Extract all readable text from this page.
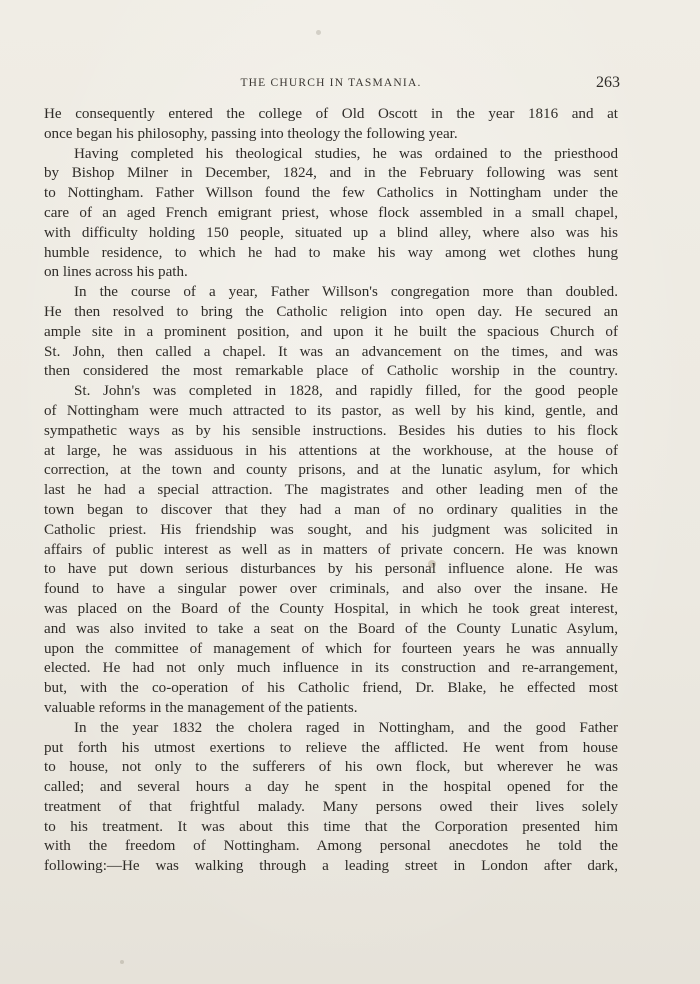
THE CHURCH IN TASMANIA.	263
He consequently entered the college of Old Oscott in the year 1816 and at
once began his philosophy, passing into theology the following year.
Having completed his theological studies, he was ordained to the priesthood
by Bishop Milner in December, 1824, and in the February following was sent
to Nottingham. Father Willson found the few Catholics in Nottingham under the
care of an aged French emigrant priest, whose flock assembled in a small chapel,
with difficulty holding 150 people, situated up a blind alley, where also was his
humble residence, to which he had to make his way among wet clothes hung
on lines across his path.
In the course of a year, Father Willson's congregation more than doubled.
He then resolved to bring the Catholic religion into open day. He secured an
ample site in a prominent position, and upon it he built the spacious Church of
St. John, then called a chapel. It was an advancement on the times, and was
then considered the most remarkable place of Catholic worship in the country.
St. John's was completed in 1828, and rapidly filled, for the good people
of Nottingham were much attracted to its pastor, as well by his kind, gentle, and
sympathetic ways as by his sensible instructions. Besides his duties to his flock
at large, he was assiduous in his attentions at the workhouse, at the house of
correction, at the town and county prisons, and at the lunatic asylum, for which
last he had a special attraction. The magistrates and other leading men of the
town began to discover that they had a man of no ordinary qualities in the
Catholic priest. His friendship was sought, and his judgment was solicited in
affairs of public interest as well as in matters of private concern. He was known
to have put down serious disturbances by his personal influence alone. He was
found to have a singular power over criminals, and also over the insane. He
was placed on the Board of the County Hospital, in which he took great interest,
and was also invited to take a seat on the Board of the County Lunatic Asylum,
upon the committee of management of which for fourteen years he was annually
elected. He had not only much influence in its construction and re-arrangement,
but, with the co-operation of his Catholic friend, Dr. Blake, he effected most
valuable reforms in the management of the patients.
In the year 1832 the cholera raged in Nottingham, and the good Father
put forth his utmost exertions to relieve the afflicted. He went from house
to house, not only to the sufferers of his own flock, but wherever he was
called; and several hours a day he spent in the hospital opened for the
treatment of that frightful malady. Many persons owed their lives solely
to his treatment. It was about this time that the Corporation presented him
with the freedom of Nottingham. Among personal anecdotes he told the
following:—He was walking through a leading street in London after dark,
